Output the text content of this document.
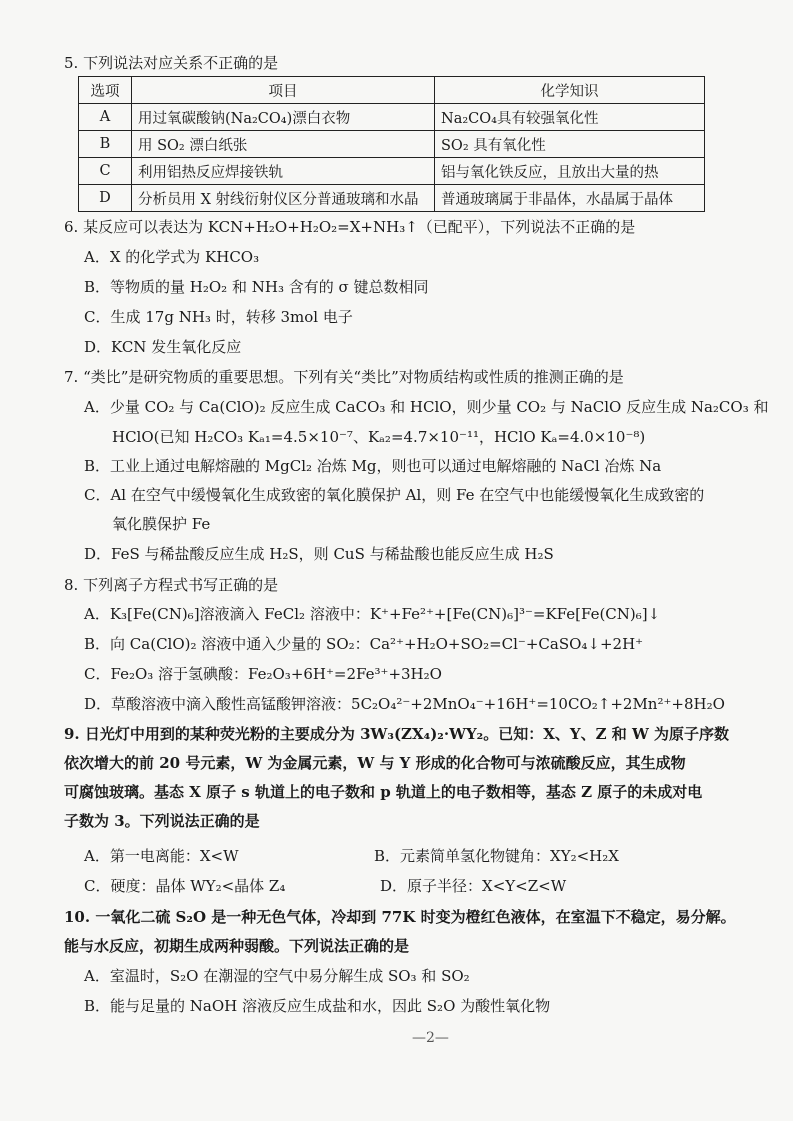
5. 下列说法对应关系不正确的是
选项	项目	化学知识
A	用过氧碳酸钠(Na₂CO₄)漂白衣物	Na₂CO₄具有较强氧化性
B	用 SO₂ 漂白纸张	SO₂ 具有氧化性
C	利用铝热反应焊接铁轨	铝与氧化铁反应，且放出大量的热
D	分析员用 X 射线衍射仪区分普通玻璃和水晶	普通玻璃属于非晶体，水晶属于晶体
6. 某反应可以表达为 KCN+H₂O+H₂O₂=X+NH₃↑（已配平），下列说法不正确的是
A．X 的化学式为 KHCO₃
B．等物质的量 H₂O₂ 和 NH₃ 含有的 σ 键总数相同
C．生成 17g NH₃ 时，转移 3mol 电子
D．KCN 发生氧化反应
7. “类比”是研究物质的重要思想。下列有关“类比”对物质结构或性质的推测正确的是
A．少量 CO₂ 与 Ca(ClO)₂ 反应生成 CaCO₃ 和 HClO，则少量 CO₂ 与 NaClO 反应生成 Na₂CO₃ 和
HClO(已知 H₂CO₃ Kₐ₁=4.5×10⁻⁷、Kₐ₂=4.7×10⁻¹¹，HClO Kₐ=4.0×10⁻⁸)
B．工业上通过电解熔融的 MgCl₂ 冶炼 Mg，则也可以通过电解熔融的 NaCl 冶炼 Na
C．Al 在空气中缓慢氧化生成致密的氧化膜保护 Al，则 Fe 在空气中也能缓慢氧化生成致密的
氧化膜保护 Fe
D．FeS 与稀盐酸反应生成 H₂S，则 CuS 与稀盐酸也能反应生成 H₂S
8. 下列离子方程式书写正确的是
A．K₃[Fe(CN)₆]溶液滴入 FeCl₂ 溶液中：K⁺+Fe²⁺+[Fe(CN)₆]³⁻=KFe[Fe(CN)₆]↓
B．向 Ca(ClO)₂ 溶液中通入少量的 SO₂：Ca²⁺+H₂O+SO₂=Cl⁻+CaSO₄↓+2H⁺
C．Fe₂O₃ 溶于氢碘酸：Fe₂O₃+6H⁺=2Fe³⁺+3H₂O
D．草酸溶液中滴入酸性高锰酸钾溶液：5C₂O₄²⁻+2MnO₄⁻+16H⁺=10CO₂↑+2Mn²⁺+8H₂O
9. 日光灯中用到的某种荧光粉的主要成分为 3W₃(ZX₄)₂·WY₂。已知：X、Y、Z 和 W 为原子序数
依次增大的前 20 号元素，W 为金属元素，W 与 Y 形成的化合物可与浓硫酸反应，其生成物
可腐蚀玻璃。基态 X 原子 s 轨道上的电子数和 p 轨道上的电子数相等，基态 Z 原子的未成对电
子数为 3。下列说法正确的是
A．第一电离能：X<W	B．元素简单氢化物键角：XY₂<H₂X
C．硬度：晶体 WY₂<晶体 Z₄	D．原子半径：X<Y<Z<W
10. 一氧化二硫 S₂O 是一种无色气体，冷却到 77K 时变为橙红色液体，在室温下不稳定，易分解。
能与水反应，初期生成两种弱酸。下列说法正确的是
A．室温时，S₂O 在潮湿的空气中易分解生成 SO₃ 和 SO₂
B．能与足量的 NaOH 溶液反应生成盐和水，因此 S₂O 为酸性氧化物
—2—
